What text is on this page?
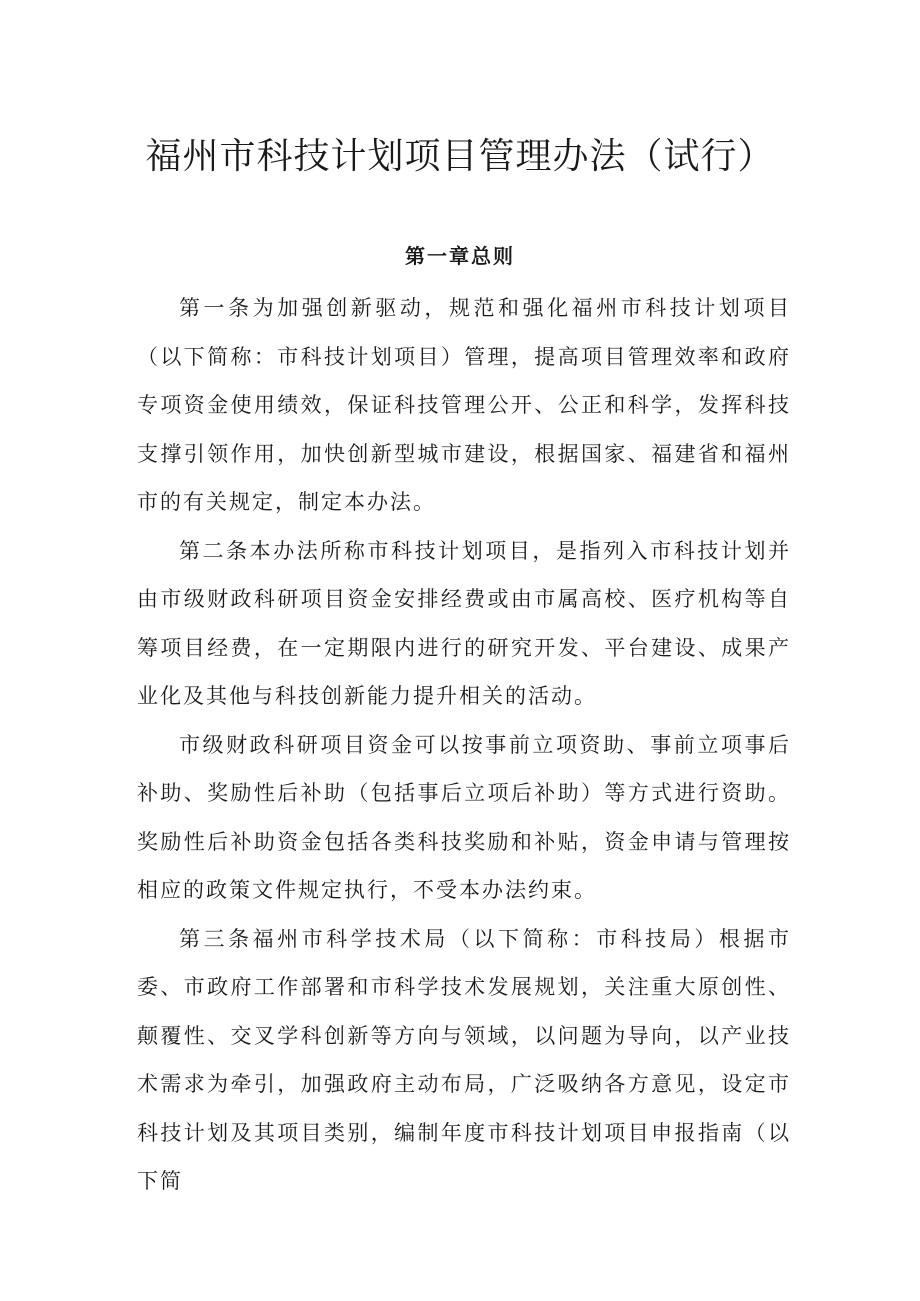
福州市科技计划项目管理办法（试行）
第一章总则

第一条为加强创新驱动，规范和强化福州市科技计划项目（以下简称：市科技计划项目）管理，提高项目管理效率和政府专项资金使用绩效，保证科技管理公开、公正和科学，发挥科技支撑引领作用，加快创新型城市建设，根据国家、福建省和福州市的有关规定，制定本办法。

第二条本办法所称市科技计划项目，是指列入市科技计划并由市级财政科研项目资金安排经费或由市属高校、医疗机构等自筹项目经费，在一定期限内进行的研究开发、平台建设、成果产业化及其他与科技创新能力提升相关的活动。

市级财政科研项目资金可以按事前立项资助、事前立项事后补助、奖励性后补助（包括事后立项后补助）等方式进行资助。奖励性后补助资金包括各类科技奖励和补贴，资金申请与管理按相应的政策文件规定执行，不受本办法约束。

第三条福州市科学技术局（以下简称：市科技局）根据市委、市政府工作部署和市科学技术发展规划，关注重大原创性、颠覆性、交叉学科创新等方向与领域，以问题为导向，以产业技术需求为牵引，加强政府主动布局，广泛吸纳各方意见，设定市科技计划及其项目类别，编制年度市科技计划项目申报指南（以下简
